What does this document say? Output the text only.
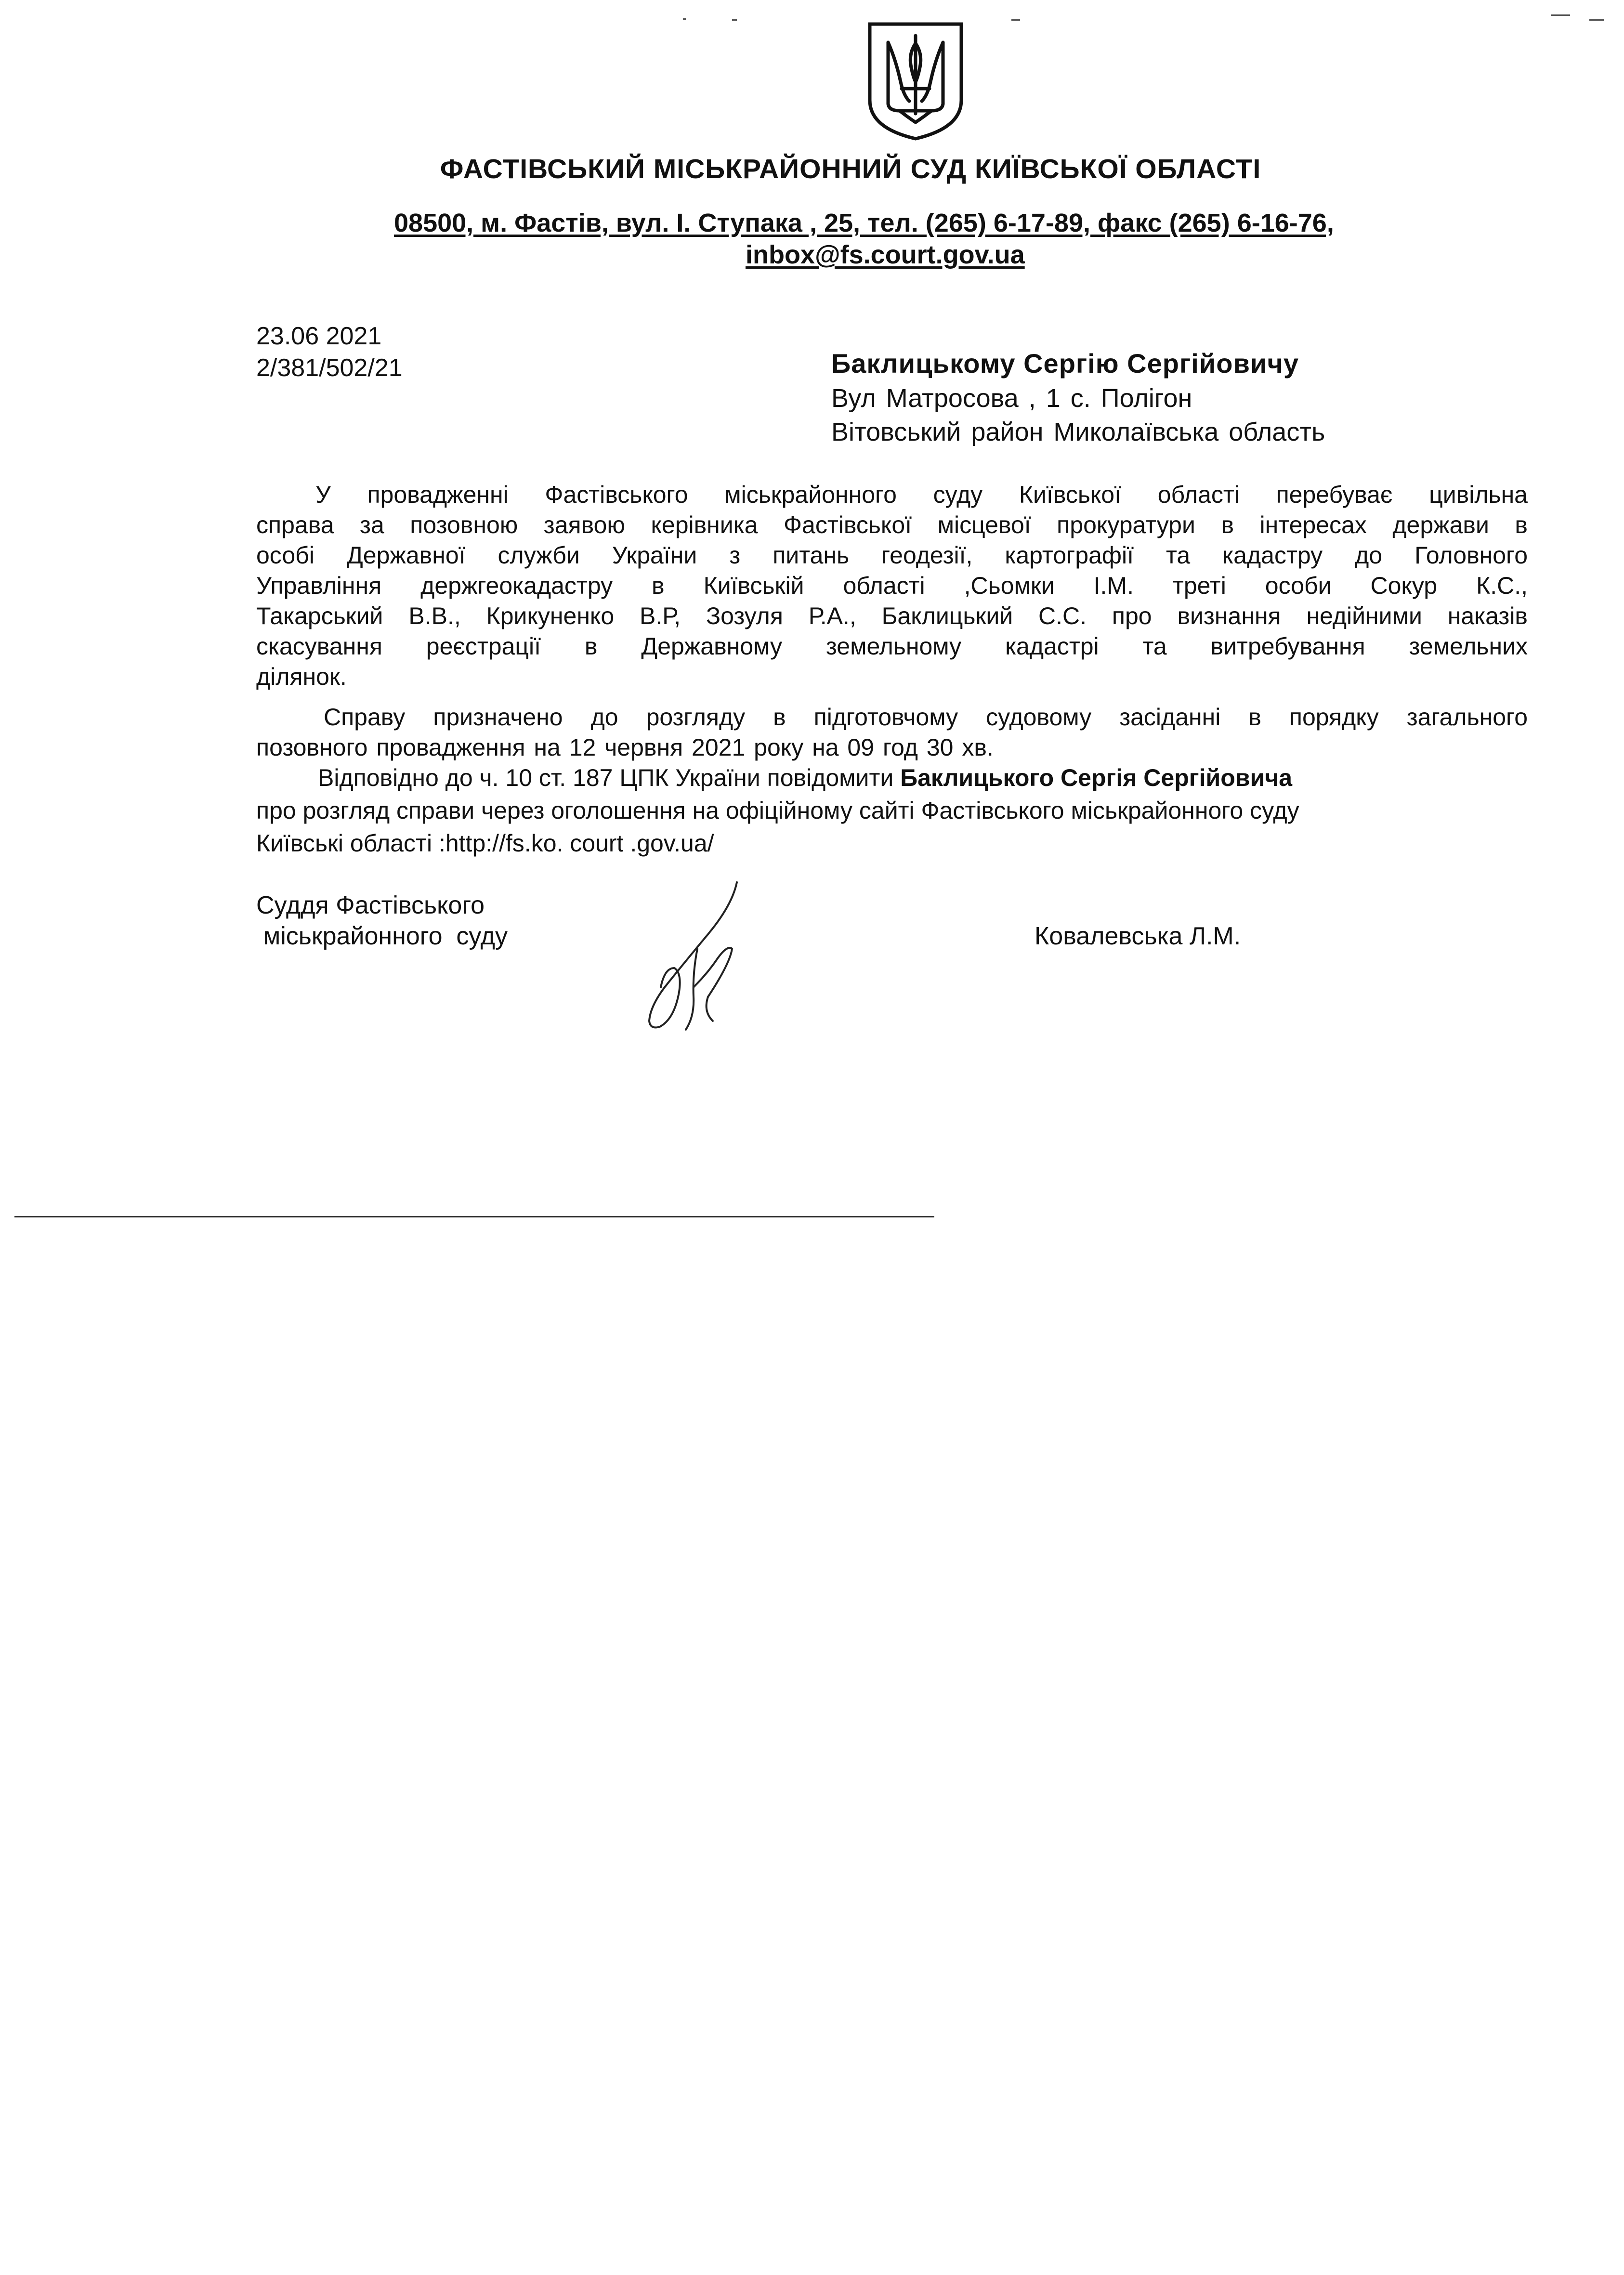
ФАСТІВСЬКИЙ МІСЬКРАЙОННИЙ СУД КИЇВСЬКОЇ ОБЛАСТІ

08500, м. Фастів, вул. І. Ступака , 25, тел. (265) 6-17-89, факс (265) 6-16-76,

inbox@fs.court.gov.ua

23.06 2021

2/381/502/21	Баклицькому Сергію Сергійовичу

Вул Матросова , 1 с. Полігон

Вітовський район Миколаївська область

У провадженні Фастівського міськрайонного суду Київської області перебуває цивільна

справа за позовною заявою керівника Фастівської місцевої прокуратури в інтересах держави в

особі Державної служби України з питань геодезії, картографії та кадастру до Головного

Управління держгеокадастру в Київській області ,Сьомки І.М. треті особи Сокур К.С.,

Такарський В.В., Крикуненко В.Р, Зозуля Р.А., Баклицький С.С. про визнання недійними наказів

скасування реєстрації в Державному земельному кадастрі та витребування земельних

ділянок.

Справу призначено до розгляду в підготовчому судовому засіданні в порядку загального

позовного провадження на 12 червня 2021 року на 09 год 30 хв.

Відповідно до ч. 10 ст. 187 ЦПК України повідомити Баклицького Сергія Сергійовича

про розгляд справи через оголошення на офіційному сайті Фастівського міськрайонного суду

Київські області :http://fs.ko. court .gov.ua/

Суддя Фастівського

міськрайонного  суду	Ковалевська Л.М.
